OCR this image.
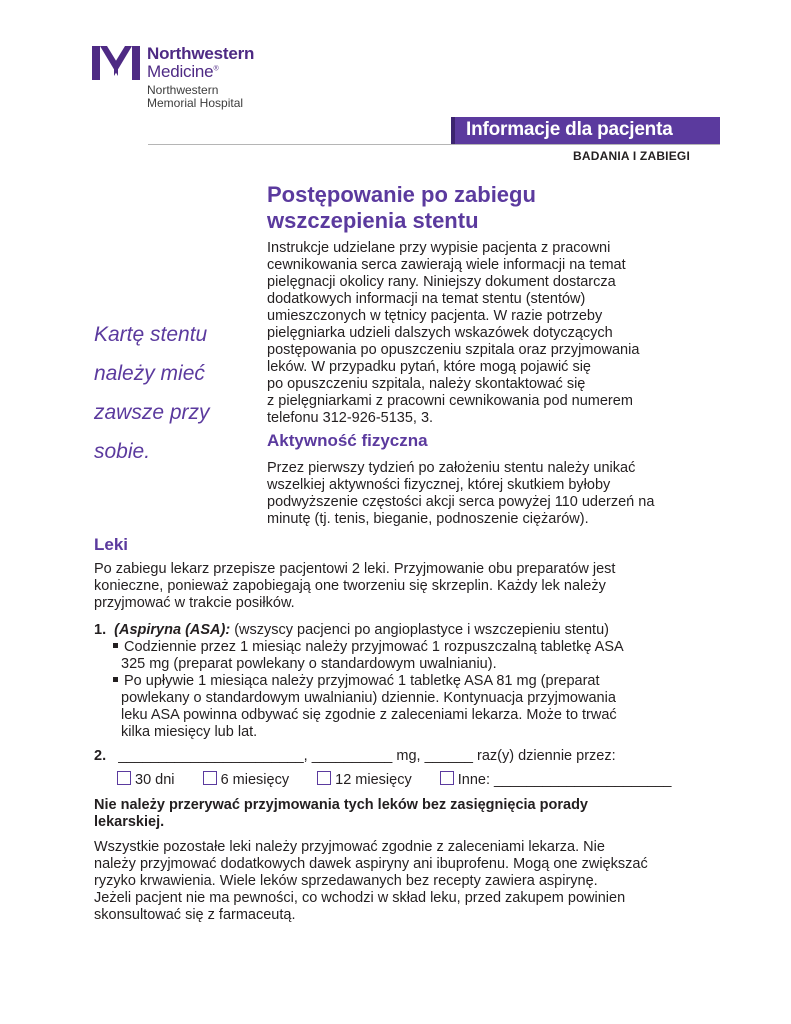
Northwestern
Medicine®
Northwestern
Memorial Hospital
Informacje dla pacjenta
BADANIA I ZABIEGI
Postępowanie po zabiegu
wszczepienia stentu
Instrukcje udzielane przy wypisie pacjenta z pracowni
cewnikowania serca zawierają wiele informacji na temat
pielęgnacji okolicy rany. Niniejszy dokument dostarcza
dodatkowych informacji na temat stentu (stentów)
umieszczonych w tętnicy pacjenta. W razie potrzeby
pielęgniarka udzieli dalszych wskazówek dotyczących
postępowania po opuszczeniu szpitala oraz przyjmowania
leków. W przypadku pytań, które mogą pojawić się
po opuszczeniu szpitala, należy skontaktować się
z pielęgniarkami z pracowni cewnikowania pod numerem
telefonu 312-926-5135, 3.
Kartę stentu
należy mieć
zawsze przy
sobie.	Aktywność fizyczna
Przez pierwszy tydzień po założeniu stentu należy unikać
wszelkiej aktywności fizycznej, której skutkiem byłoby
podwyższenie częstości akcji serca powyżej 110 uderzeń na
minutę (tj. tenis, bieganie, podnoszenie ciężarów).
Leki
Po zabiegu lekarz przepisze pacjentowi 2 leki. Przyjmowanie obu preparatów jest
konieczne, ponieważ zapobiegają one tworzeniu się skrzeplin. Każdy lek należy
przyjmować w trakcie posiłków.
1. (Aspiryna (ASA): (wszyscy pacjenci po angioplastyce i wszczepieniu stentu)
Codziennie przez 1 miesiąc należy przyjmować 1 rozpuszczalną tabletkę ASA
325 mg (preparat powlekany o standardowym uwalnianiu).
Po upływie 1 miesiąca należy przyjmować 1 tabletkę ASA 81 mg (preparat
powlekany o standardowym uwalnianiu) dziennie. Kontynuacja przyjmowania
leku ASA powinna odbywać się zgodnie z zaleceniami lekarza. Może to trwać
kilka miesięcy lub lat.
2. _______________________, __________ mg, ______ raz(y) dziennie przez:
30 dni	6 miesięcy	12 miesięcy	Inne: ______________________
Nie należy przerywać przyjmowania tych leków bez zasięgnięcia porady
lekarskiej.
Wszystkie pozostałe leki należy przyjmować zgodnie z zaleceniami lekarza. Nie
należy przyjmować dodatkowych dawek aspiryny ani ibuprofenu. Mogą one zwiększać
ryzyko krwawienia. Wiele leków sprzedawanych bez recepty zawiera aspirynę.
Jeżeli pacjent nie ma pewności, co wchodzi w skład leku, przed zakupem powinien
skonsultować się z farmaceutą.
